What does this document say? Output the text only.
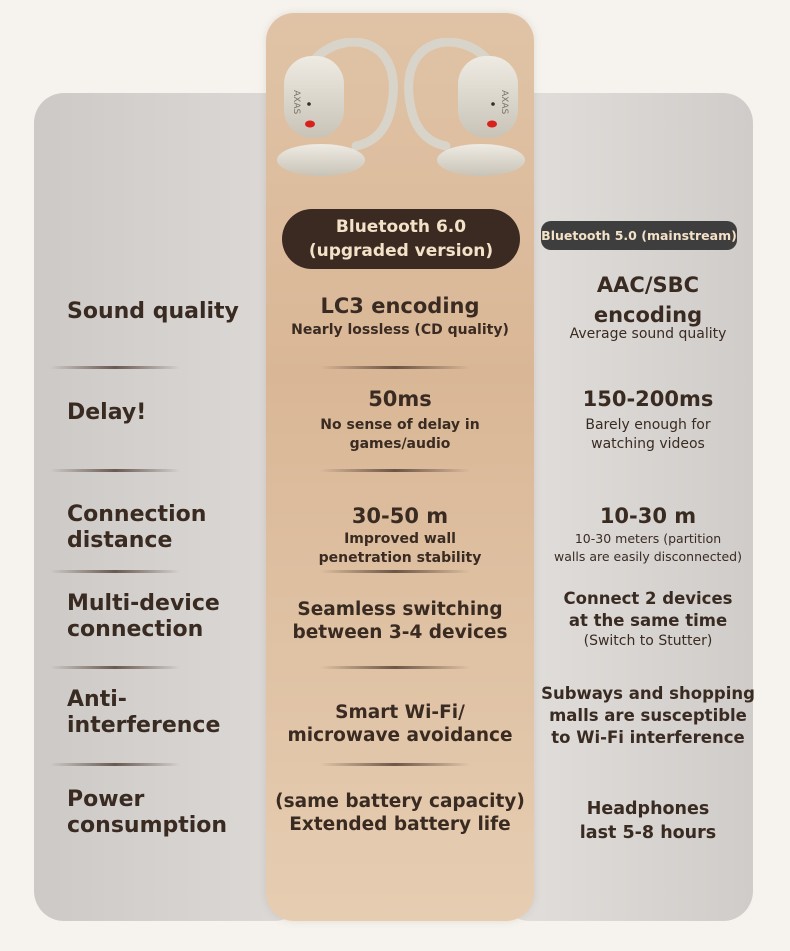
AXAS	AXAS
Bluetooth 6.0
(upgraded version)
Bluetooth 5.0 (mainstream)
Sound quality	LC3 encoding
Nearly lossless (CD quality)
AAC/SBC
encoding
Average sound quality
Delay!
50ms
No sense of delay in
games/audio
150-200ms
Barely enough for
watching videos
Connection
distance
30-50 m
Improved wall
penetration stability
10-30 m
10-30 meters (partition
walls are easily disconnected)
Multi-device
connection
Seamless switching
between 3-4 devices
Connect 2 devices
at the same time
(Switch to Stutter)
Anti-
interference
Smart Wi-Fi/
microwave avoidance
Subways and shopping
malls are susceptible
to Wi-Fi interference
Power
consumption
(same battery capacity)
Extended battery life
Headphones
last 5-8 hours
